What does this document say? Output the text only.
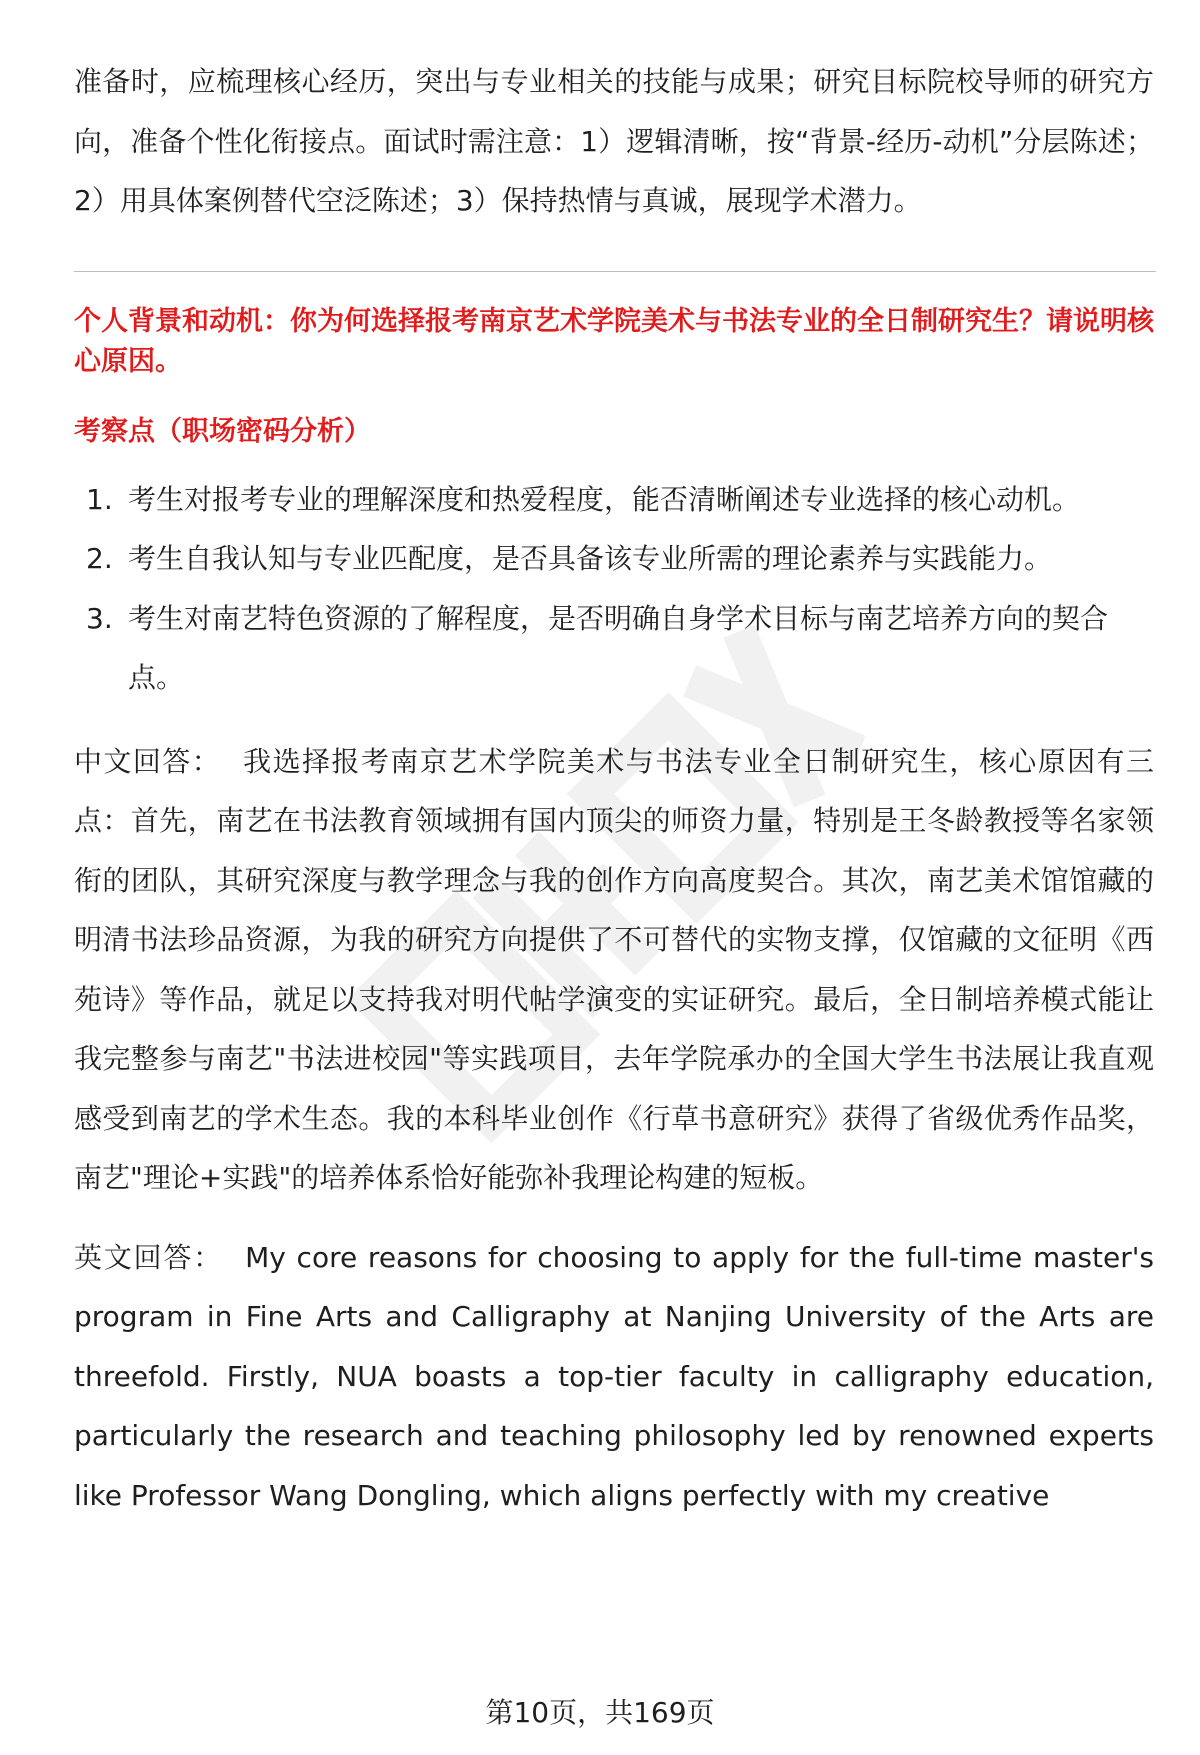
准备时，应梳理核心经历，突出与专业相关的技能与成果；研究目标院校导师的研究方向，准备个性化衔接点。面试时需注意：1）逻辑清晰，按“背景-经历-动机”分层陈述；2）用具体案例替代空泛陈述；3）保持热情与真诚，展现学术潜力。

个人背景和动机：你为何选择报考南京艺术学院美术与书法专业的全日制研究生？请说明核心原因。

考察点（职场密码分析）

1. 考生对报考专业的理解深度和热爱程度，能否清晰阐述专业选择的核心动机。
2. 考生自我认知与专业匹配度，是否具备该专业所需的理论素养与实践能力。
3. 考生对南艺特色资源的了解程度，是否明确自身学术目标与南艺培养方向的契合点。

中文回答： 我选择报考南京艺术学院美术与书法专业全日制研究生，核心原因有三点：首先，南艺在书法教育领域拥有国内顶尖的师资力量，特别是王冬龄教授等名家领衔的团队，其研究深度与教学理念与我的创作方向高度契合。其次，南艺美术馆馆藏的明清书法珍品资源，为我的研究方向提供了不可替代的实物支撑，仅馆藏的文征明《西苑诗》等作品，就足以支持我对明代帖学演变的实证研究。最后，全日制培养模式能让我完整参与南艺"书法进校园"等实践项目，去年学院承办的全国大学生书法展让我直观感受到南艺的学术生态。我的本科毕业创作《行草书意研究》获得了省级优秀作品奖，南艺"理论+实践"的培养体系恰好能弥补我理论构建的短板。

英文回答： My core reasons for choosing to apply for the full-time master's program in Fine Arts and Calligraphy at Nanjing University of the Arts are threefold. Firstly, NUA boasts a top-tier faculty in calligraphy education, particularly the research and teaching philosophy led by renowned experts like Professor Wang Dongling, which aligns perfectly with my creative

第10页，共169页
